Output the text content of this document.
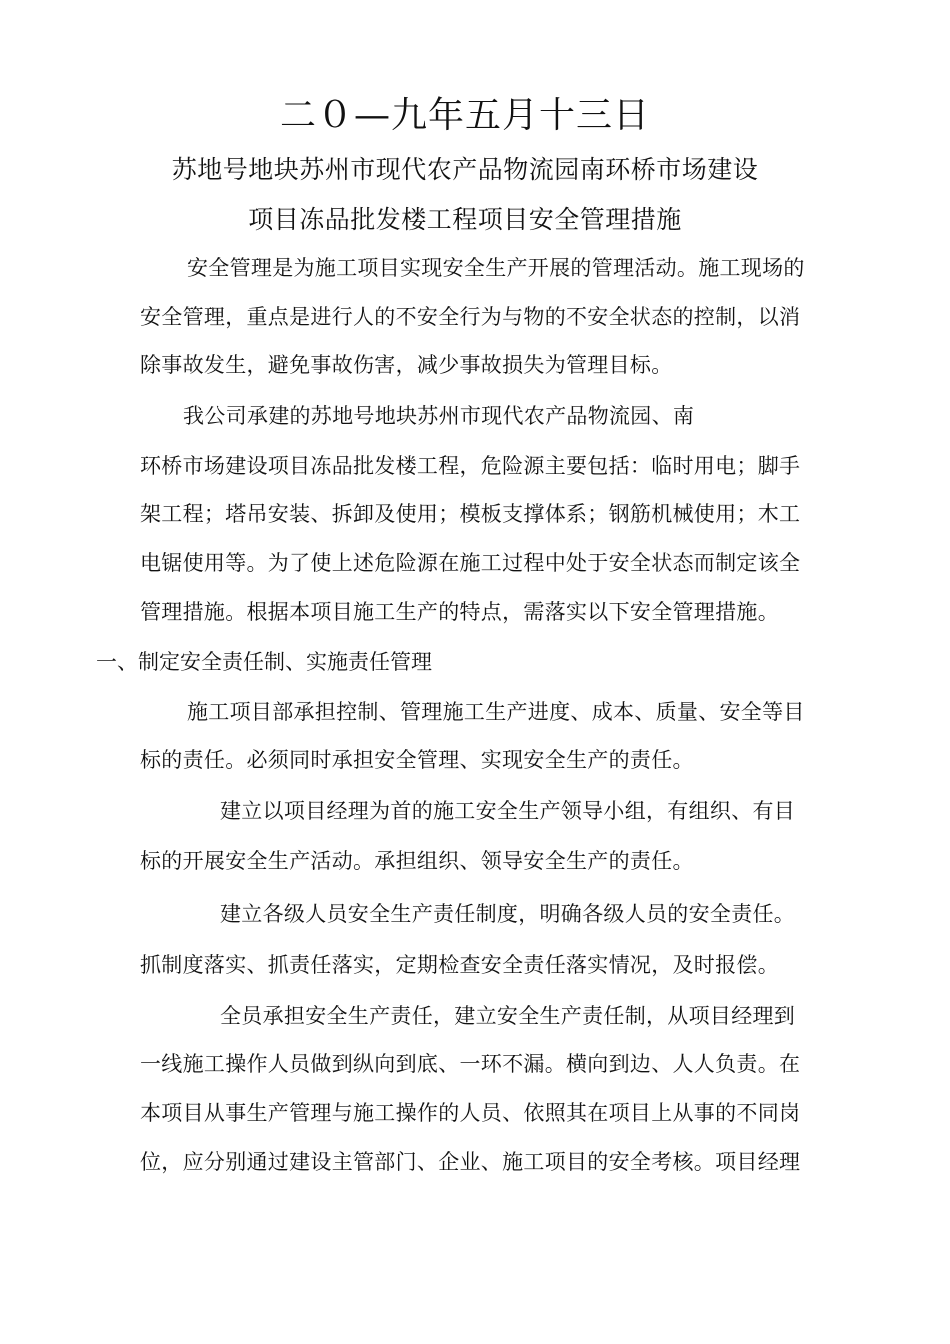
二０—九年五月十三日
苏地号地块苏州市现代农产品物流园南环桥市场建设
项目冻品批发楼工程项目安全管理措施
安全管理是为施工项目实现安全生产开展的管理活动。施工现场的
安全管理，重点是进行人的不安全行为与物的不安全状态的控制，以消
除事故发生，避免事故伤害，减少事故损失为管理目标。
我公司承建的苏地号地块苏州市现代农产品物流园、南
环桥市场建设项目冻品批发楼工程，危险源主要包括：临时用电；脚手
架工程；塔吊安装、拆卸及使用；模板支撑体系；钢筋机械使用；木工
电锯使用等。为了使上述危险源在施工过程中处于安全状态而制定该全
管理措施。根据本项目施工生产的特点，需落实以下安全管理措施。
一、制定安全责任制、实施责任管理
施工项目部承担控制、管理施工生产进度、成本、质量、安全等目
标的责任。必须同时承担安全管理、实现安全生产的责任。
建立以项目经理为首的施工安全生产领导小组，有组织、有目
标的开展安全生产活动。承担组织、领导安全生产的责任。
建立各级人员安全生产责任制度，明确各级人员的安全责任。
抓制度落实、抓责任落实，定期检查安全责任落实情况，及时报偿。
全员承担安全生产责任，建立安全生产责任制，从项目经理到
一线施工操作人员做到纵向到底、一环不漏。横向到边、人人负责。在
本项目从事生产管理与施工操作的人员、依照其在项目上从事的不同岗
位，应分别通过建设主管部门、企业、施工项目的安全考核。项目经理
